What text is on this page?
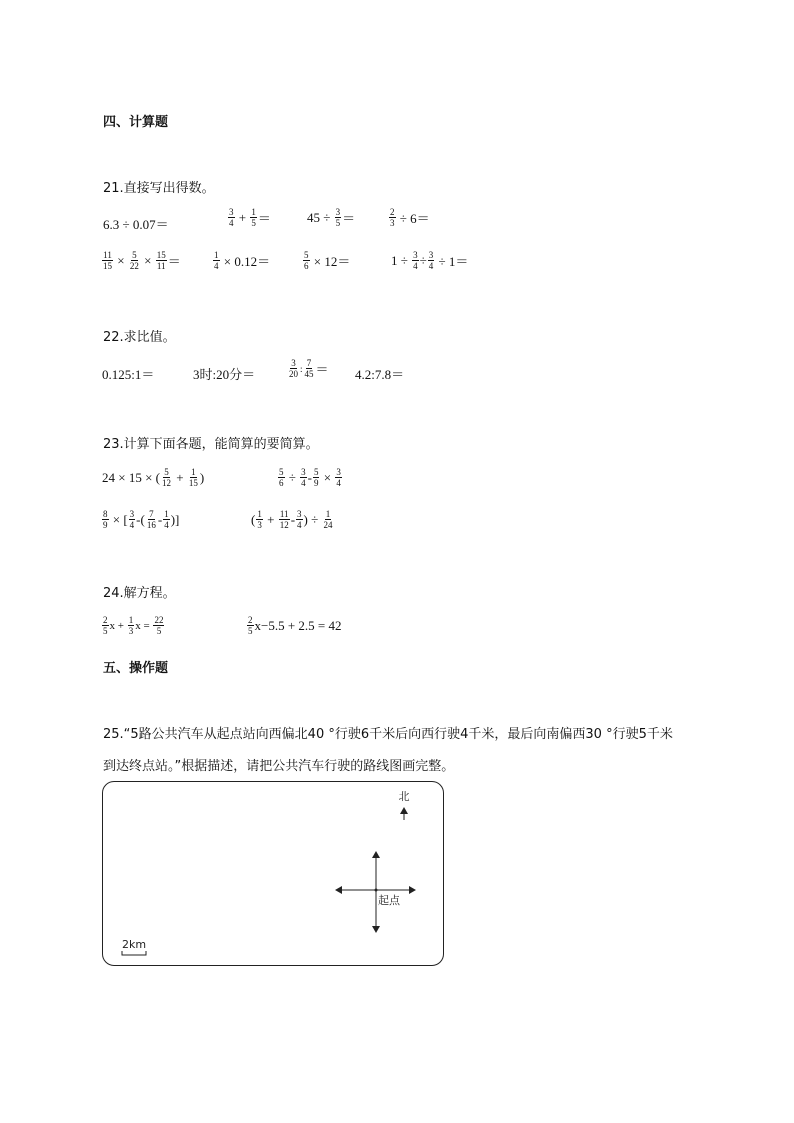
四、计算题
21.直接写出得数。
6.3 ÷ 0.07＝	$\frac{3}{4} + \frac{1}{5}$ ＝	$45 \div \frac{3}{5}$ ＝	$\frac{2}{3} \div 6=$
$\frac{11}{15} \times \frac{5}{22} \times \frac{15}{11}$ ＝	$\frac{1}{4} \times 0.12=$	$\frac{5}{6} \times 12=$	$1 \div \frac{3}{4} \div \frac{3}{4} \div 1=$
22.求比值。
0.125:1＝	3时:20分＝	$\frac{3}{20}$ : $\frac{7}{45}$ ＝ 4.2:7.8＝
23.计算下面各题，能简算的要简算。
24 × 15 × ( $\frac{5}{12} + \frac{1}{15}$ )	$\frac{5}{6} \div \frac{3}{4} - \frac{5}{9} \times \frac{3}{4}$
$\frac{8}{9}$ × [ $\frac{3}{4}$ -( $\frac{7}{16} - \frac{1}{4}$ )]	( $\frac{1}{3} + \frac{11}{12} - \frac{3}{4}$ ) ÷ $\frac{1}{24}$
24.解方程。
$\frac{2}{5}$ $x + \frac{1}{3}$ $x = \frac{22}{5}$	$\frac{2}{5} x-5.5 + 2.5 = 42$
五、操作题
25.“5路公共汽车从起点站向西偏北40 °行驶6千米后向西行驶4千米，最后向南偏西30 °行驶5千米
到达终点站。”根据描述，请把公共汽车行驶的路线图画完整。
北
起点
2km
